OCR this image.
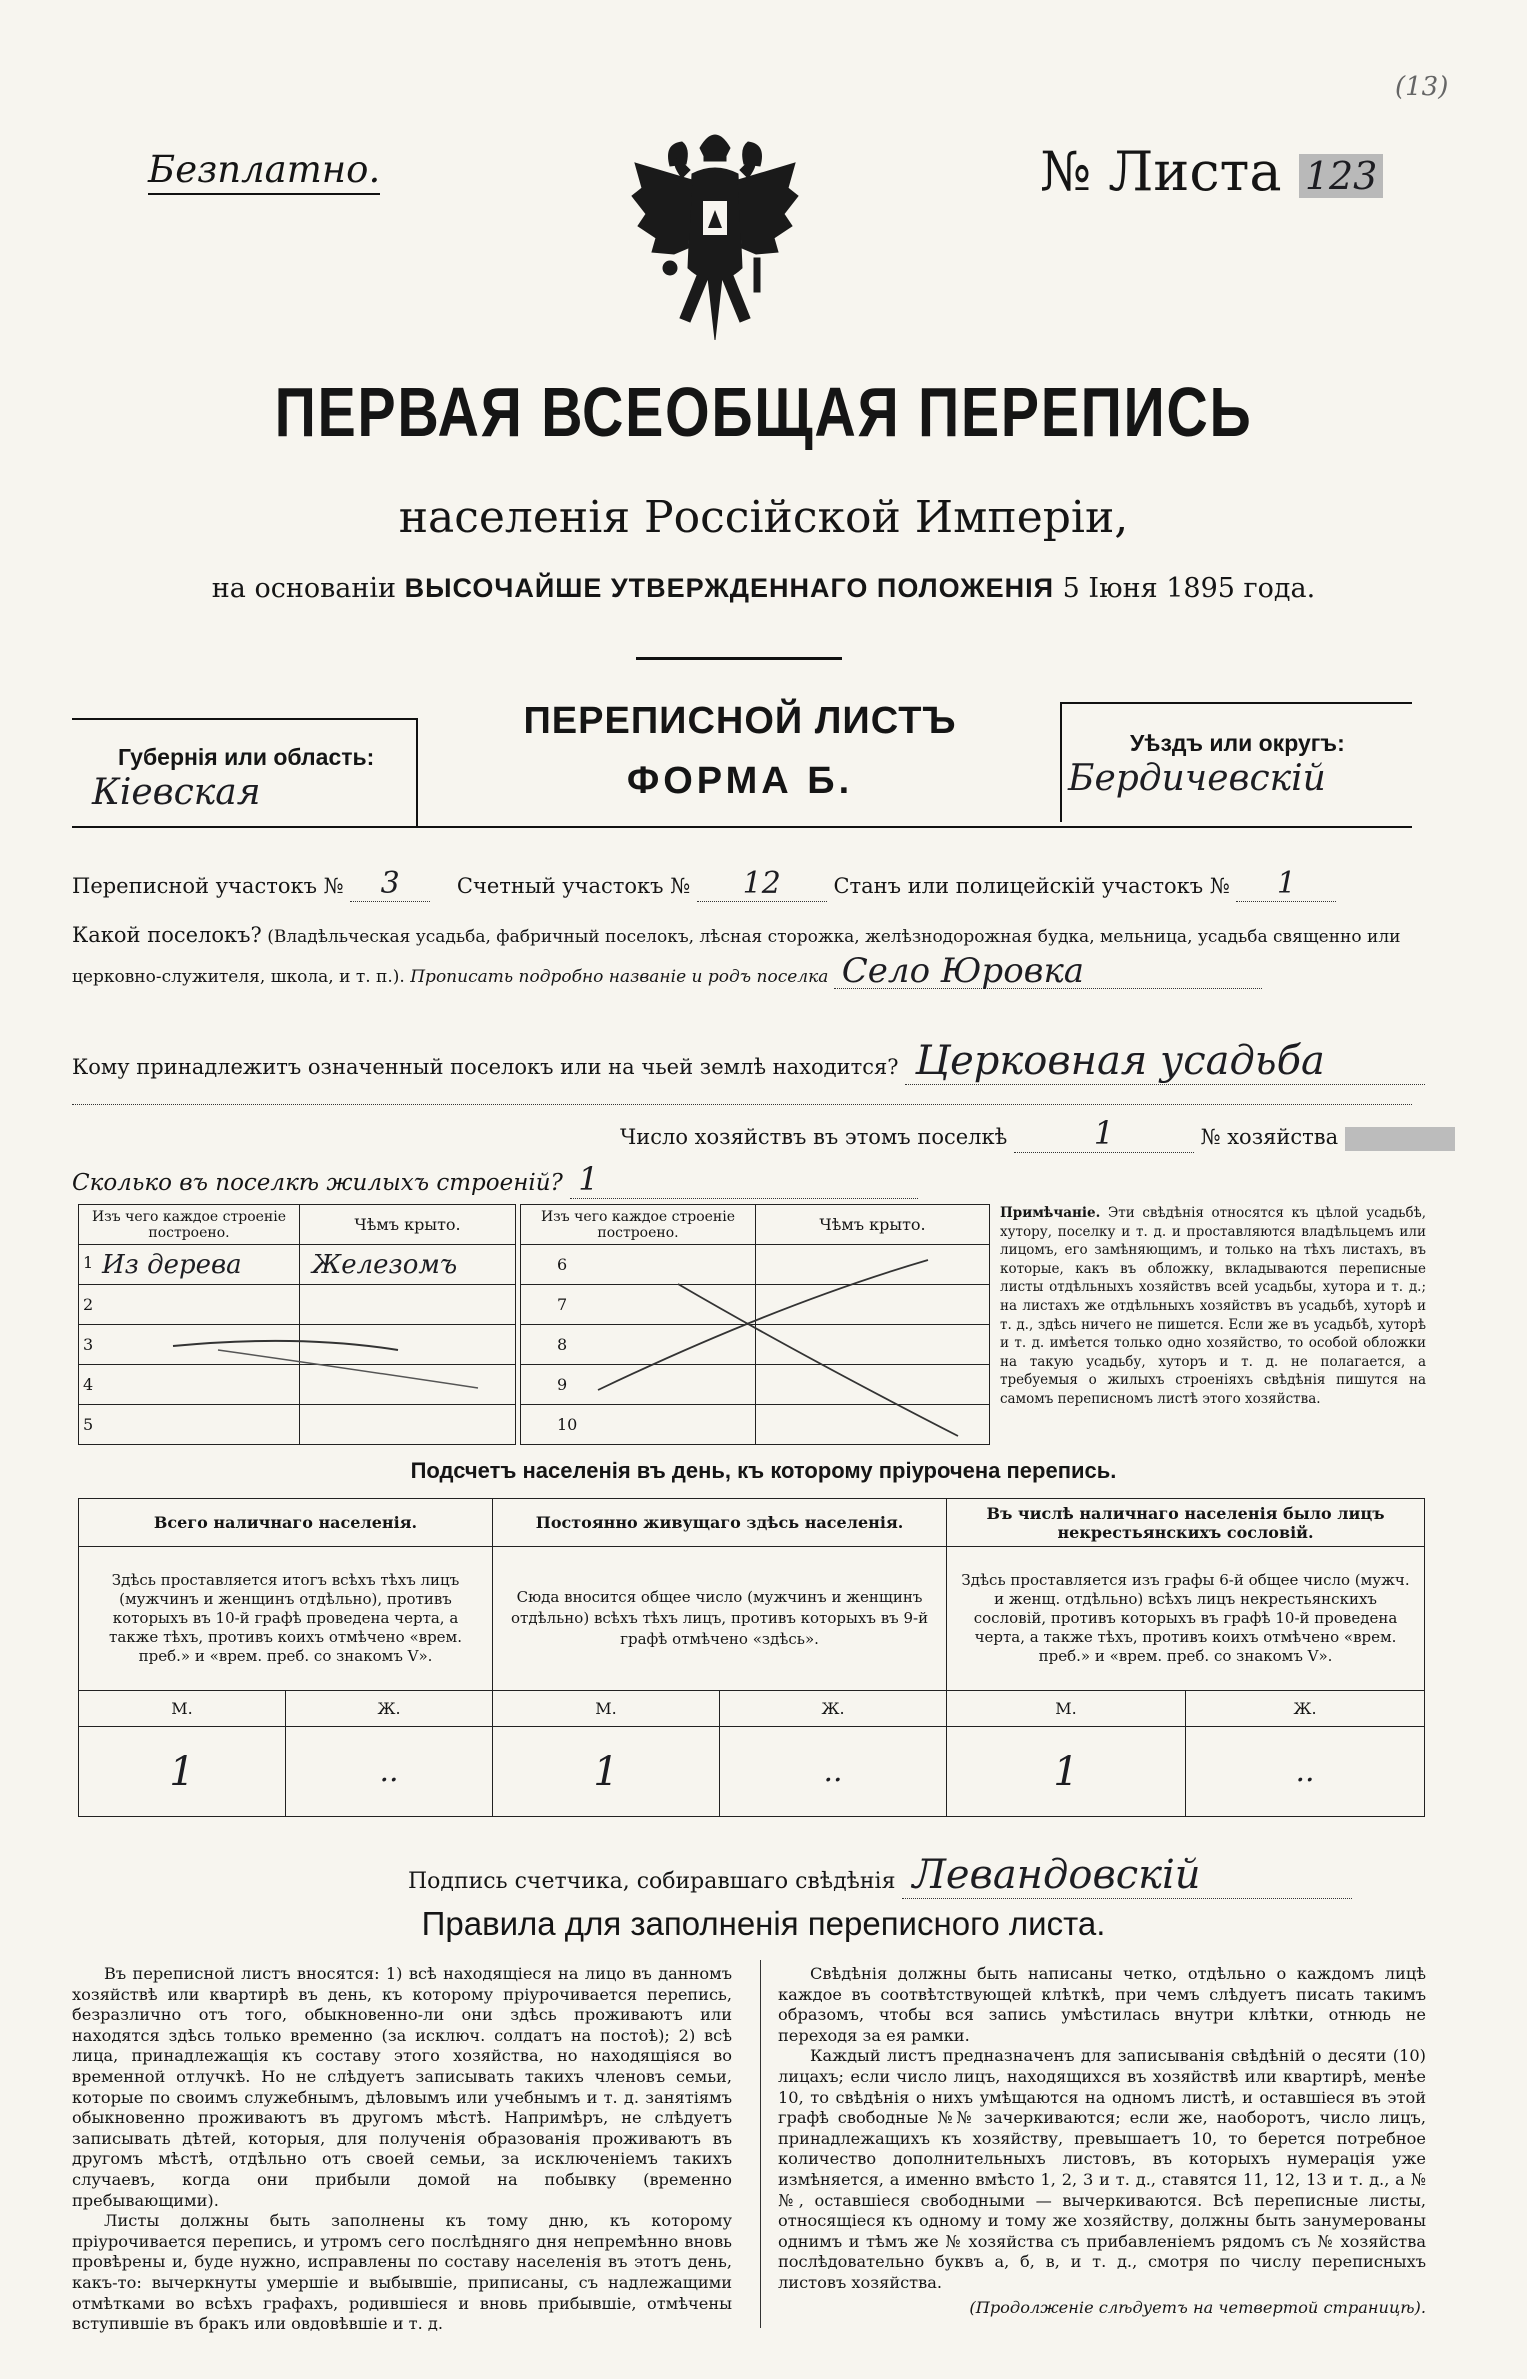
(13)
Безплатно.	№ Листа 123
ПЕРВАЯ ВСЕОБЩАЯ ПЕРЕПИСЬ
населенія Россійской Имперіи,
на основаніи ВЫСОЧАЙШЕ УТВЕРЖДЕННАГО ПОЛОЖЕНІЯ 5 Іюня 1895 года.
Губернія или область:
Кіевская
ПЕРЕПИСНОЙ ЛИСТЪ
ФОРМА Б.
Уѣздъ или округъ:
Бердичевскій
Переписной участокъ № 3	Счетный участокъ № 12	Станъ или полицейскій участокъ № 1
Какой поселокъ? (Владѣльческая усадьба, фабричный поселокъ, лѣсная сторожка, желѣзнодорожная будка, мельница, усадьба священно или церковно-служителя, школа, и т. п.). Прописать подробно названіе и родъ поселка Село Юровка
Кому принадлежитъ означенный поселокъ или на чьей землѣ находится? Церковная усадьба
Число хозяйствъ въ этомъ поселкѣ	1	№ хозяйства
Сколько въ поселкѣ жилыхъ строеній? 1
Изъ чего каждое строеніе построено.	Чѣмъ крыто.

1 Из дерева	Железомъ
2	
3	
4	
5	
Изъ чего каждое строеніе построено.	Чѣмъ крыто.
6	
7	
8	
9	
10	
Примѣчаніе. Эти свѣдѣнія относятся къ цѣлой усадьбѣ, хутору, поселку и т. д. и проставляются владѣльцемъ или лицомъ, его замѣняющимъ, и только на тѣхъ листахъ, въ которые, какъ въ обложку, вкладываются переписные листы отдѣльныхъ хозяйствъ всей усадьбы, хутора и т. д.; на листахъ же отдѣльныхъ хозяйствъ въ усадьбѣ, хуторѣ и т. д., здѣсь ничего не пишется. Если же въ усадьбѣ, хуторѣ и т. д. имѣется только одно хозяйство, то особой обложки на такую усадьбу, хуторъ и т. д. не полагается, а требуемыя о жилыхъ строеніяхъ свѣдѣнія пишутся на самомъ переписномъ листѣ этого хозяйства.
Подсчетъ населенія въ день, къ которому пріурочена перепись.
Всего наличнаго населенія.		Постоянно живущаго здѣсь населенія.		Въ числѣ наличнаго населенія было лицъ некрестьянскихъ сословій.	
Здѣсь проставляется итогъ всѣхъ тѣхъ лицъ (мужчинъ и женщинъ отдѣльно), противъ которыхъ въ 10-й графѣ проведена черта, а также тѣхъ, противъ коихъ отмѣчено «врем. преб.» и «врем. преб. со знакомъ V».		Сюда вносится общее число (мужчинъ и женщинъ отдѣльно) всѣхъ тѣхъ лицъ, противъ которыхъ въ 9-й графѣ отмѣчено «здѣсь».		Здѣсь проставляется изъ графы 6-й общее число (мужч. и женщ. отдѣльно) всѣхъ лицъ некрестьянскихъ сословій, противъ которыхъ въ графѣ 10-й проведена черта, а также тѣхъ, противъ коихъ отмѣчено «врем. преб.» и «врем. преб. со знакомъ V».	
М.	Ж.	М.	Ж.	М.	Ж.
1	..	1	..	1	..
Подпись счетчика, собиравшаго свѣдѣнія Левандовскій
Правила для заполненія переписного листа.

Въ переписной листъ вносятся: 1) всѣ находящіеся на лицо въ данномъ хозяйствѣ или квартирѣ въ день, къ которому пріурочивается перепись, безразлично отъ того, обыкновенно-ли они здѣсь проживаютъ или находятся здѣсь только временно (за исключ. солдатъ на постоѣ); 2) всѣ лица, принадлежащія къ составу этого хозяйства, но находящіяся во временной отлучкѣ. Но не слѣдуетъ записывать такихъ членовъ семьи, которые по своимъ служебнымъ, дѣловымъ или учебнымъ и т. д. занятіямъ обыкновенно проживаютъ въ другомъ мѣстѣ. Напримѣръ, не слѣдуетъ записывать дѣтей, которыя, для полученія образованія проживаютъ въ другомъ мѣстѣ, отдѣльно отъ своей семьи, за исключеніемъ такихъ случаевъ, когда они прибыли домой на побывку (временно пребывающими).

Листы должны быть заполнены къ тому дню, къ которому пріурочивается перепись, и утромъ сего послѣдняго дня непремѣнно вновь провѣрены и, буде нужно, исправлены по составу населенія въ этотъ день, какъ-то: вычеркнуты умершіе и выбывшіе, приписаны, съ надлежащими отмѣтками во всѣхъ графахъ, родившіеся и вновь прибывшіе, отмѣчены вступившіе въ бракъ или овдовѣвшіе и т. д.

Свѣдѣнія должны быть написаны четко, отдѣльно о каждомъ лицѣ каждое въ соотвѣтствующей клѣткѣ, при чемъ слѣдуетъ писать такимъ образомъ, чтобы вся запись умѣстилась внутри клѣтки, отнюдь не переходя за ея рамки.

Каждый листъ предназначенъ для записыванія свѣдѣній о десяти (10) лицахъ; если число лицъ, находящихся въ хозяйствѣ или квартирѣ, менѣе 10, то свѣдѣнія о нихъ умѣщаются на одномъ листѣ, и оставшіеся въ этой графѣ свободные №№ зачеркиваются; если же, наоборотъ, число лицъ, принадлежащихъ къ хозяйству, превышаетъ 10, то берется потребное количество дополнительныхъ листовъ, въ которыхъ нумерація уже измѣняется, а именно вмѣсто 1, 2, 3 и т. д., ставятся 11, 12, 13 и т. д., а №№, оставшіеся свободными — вычеркиваются. Всѣ переписные листы, относящіеся къ одному и тому же хозяйству, должны быть занумерованы однимъ и тѣмъ же № хозяйства съ прибавленіемъ рядомъ съ № хозяйства послѣдовательно буквъ а, б, в, и т. д., смотря по числу переписныхъ листовъ хозяйства.

(Продолженіе слѣдуетъ на четвертой страницѣ).
